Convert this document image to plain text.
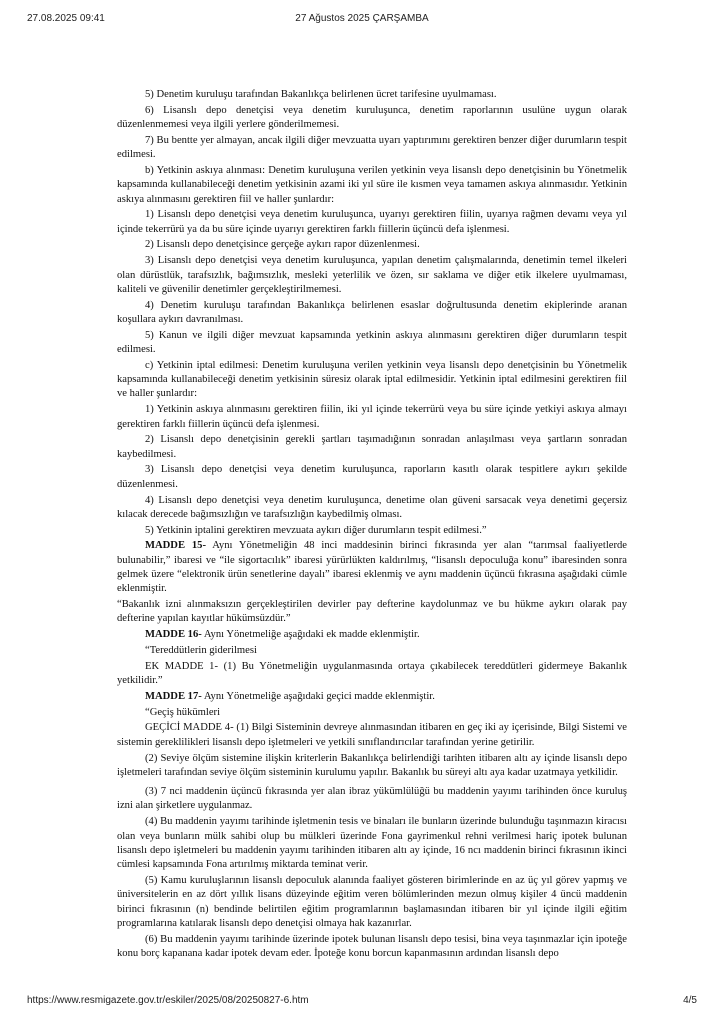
27.08.2025 09:41	27 Ağustos 2025 ÇARŞAMBA

5) Denetim kuruluşu tarafından Bakanlıkça belirlenen ücret tarifesine uyulmaması.

6) Lisanslı depo denetçisi veya denetim kuruluşunca, denetim raporlarının usulüne uygun olarak düzenlenmemesi veya ilgili yerlere gönderilmemesi.

7) Bu bentte yer almayan, ancak ilgili diğer mevzuatta uyarı yaptırımını gerektiren benzer diğer durumların tespit edilmesi.

b) Yetkinin askıya alınması: Denetim kuruluşuna verilen yetkinin veya lisanslı depo denetçisinin bu Yönetmelik kapsamında kullanabileceği denetim yetkisinin azami iki yıl süre ile kısmen veya tamamen askıya alınmasıdır. Yetkinin askıya alınmasını gerektiren fiil ve haller şunlardır:

1) Lisanslı depo denetçisi veya denetim kuruluşunca, uyarıyı gerektiren fiilin, uyarıya rağmen devamı veya yıl içinde tekerrürü ya da bu süre içinde uyarıyı gerektiren farklı fiillerin üçüncü defa işlenmesi.

2) Lisanslı depo denetçisince gerçeğe aykırı rapor düzenlenmesi.

3) Lisanslı depo denetçisi veya denetim kuruluşunca, yapılan denetim çalışmalarında, denetimin temel ilkeleri olan dürüstlük, tarafsızlık, bağımsızlık, mesleki yeterlilik ve özen, sır saklama ve diğer etik ilkelere uyulmaması, kaliteli ve güvenilir denetimler gerçekleştirilmemesi.

4) Denetim kuruluşu tarafından Bakanlıkça belirlenen esaslar doğrultusunda denetim ekiplerinde aranan koşullara aykırı davranılması.

5) Kanun ve ilgili diğer mevzuat kapsamında yetkinin askıya alınmasını gerektiren diğer durumların tespit edilmesi.

c) Yetkinin iptal edilmesi: Denetim kuruluşuna verilen yetkinin veya lisanslı depo denetçisinin bu Yönetmelik kapsamında kullanabileceği denetim yetkisinin süresiz olarak iptal edilmesidir. Yetkinin iptal edilmesini gerektiren fiil ve haller şunlardır:

1) Yetkinin askıya alınmasını gerektiren fiilin, iki yıl içinde tekerrürü veya bu süre içinde yetkiyi askıya almayı gerektiren farklı fiillerin üçüncü defa işlenmesi.

2) Lisanslı depo denetçisinin gerekli şartları taşımadığının sonradan anlaşılması veya şartların sonradan kaybedilmesi.

3) Lisanslı depo denetçisi veya denetim kuruluşunca, raporların kasıtlı olarak tespitlere aykırı şekilde düzenlenmesi.

4) Lisanslı depo denetçisi veya denetim kuruluşunca, denetime olan güveni sarsacak veya denetimi geçersiz kılacak derecede bağımsızlığın ve tarafsızlığın kaybedilmiş olması.

5) Yetkinin iptalini gerektiren mevzuata aykırı diğer durumların tespit edilmesi.”

MADDE 15- Aynı Yönetmeliğin 48 inci maddesinin birinci fıkrasında yer alan “tarımsal faaliyetlerde bulunabilir,” ibaresi ve “ile sigortacılık” ibaresi yürürlükten kaldırılmış, “lisanslı depoculuğa konu” ibaresinden sonra gelmek üzere “elektronik ürün senetlerine dayalı” ibaresi eklenmiş ve aynı maddenin üçüncü fıkrasına aşağıdaki cümle eklenmiştir.

“Bakanlık izni alınmaksızın gerçekleştirilen devirler pay defterine kaydolunmaz ve bu hükme aykırı olarak pay defterine yapılan kayıtlar hükümsüzdür.”

MADDE 16- Aynı Yönetmeliğe aşağıdaki ek madde eklenmiştir.

“Tereddütlerin giderilmesi

EK MADDE 1- (1) Bu Yönetmeliğin uygulanmasında ortaya çıkabilecek tereddütleri gidermeye Bakanlık yetkilidir.”

MADDE 17- Aynı Yönetmeliğe aşağıdaki geçici madde eklenmiştir.

“Geçiş hükümleri

GEÇİCİ MADDE 4- (1) Bilgi Sisteminin devreye alınmasından itibaren en geç iki ay içerisinde, Bilgi Sistemi ve sistemin gereklilikleri lisanslı depo işletmeleri ve yetkili sınıflandırıcılar tarafından yerine getirilir.

(2) Seviye ölçüm sistemine ilişkin kriterlerin Bakanlıkça belirlendiği tarihten itibaren altı ay içinde lisanslı depo işletmeleri tarafından seviye ölçüm sisteminin kurulumu yapılır. Bakanlık bu süreyi altı aya kadar uzatmaya yetkilidir.

(3) 7 nci maddenin üçüncü fıkrasında yer alan ibraz yükümlülüğü bu maddenin yayımı tarihinden önce kuruluş izni alan şirketlere uygulanmaz.

(4) Bu maddenin yayımı tarihinde işletmenin tesis ve binaları ile bunların üzerinde bulunduğu taşınmazın kiracısı olan veya bunların mülk sahibi olup bu mülkleri üzerinde Fona gayrimenkul rehni verilmesi hariç ipotek bulunan lisanslı depo işletmeleri bu maddenin yayımı tarihinden itibaren altı ay içinde, 16 ncı maddenin birinci fıkrasının ikinci cümlesi kapsamında Fona artırılmış miktarda teminat verir.

(5) Kamu kuruluşlarının lisanslı depoculuk alanında faaliyet gösteren birimlerinde en az üç yıl görev yapmış ve üniversitelerin en az dört yıllık lisans düzeyinde eğitim veren bölümlerinden mezun olmuş kişiler 4 üncü maddenin birinci fıkrasının (n) bendinde belirtilen eğitim programlarının başlamasından itibaren bir yıl içinde ilgili eğitim programlarına katılarak lisanslı depo denetçisi olmaya hak kazanırlar.

(6) Bu maddenin yayımı tarihinde üzerinde ipotek bulunan lisanslı depo tesisi, bina veya taşınmazlar için ipoteğe konu borç kapanana kadar ipotek devam eder. İpoteğe konu borcun kapanmasının ardından lisanslı depo

https://www.resmigazete.gov.tr/eskiler/2025/08/20250827-6.htm	4/5
